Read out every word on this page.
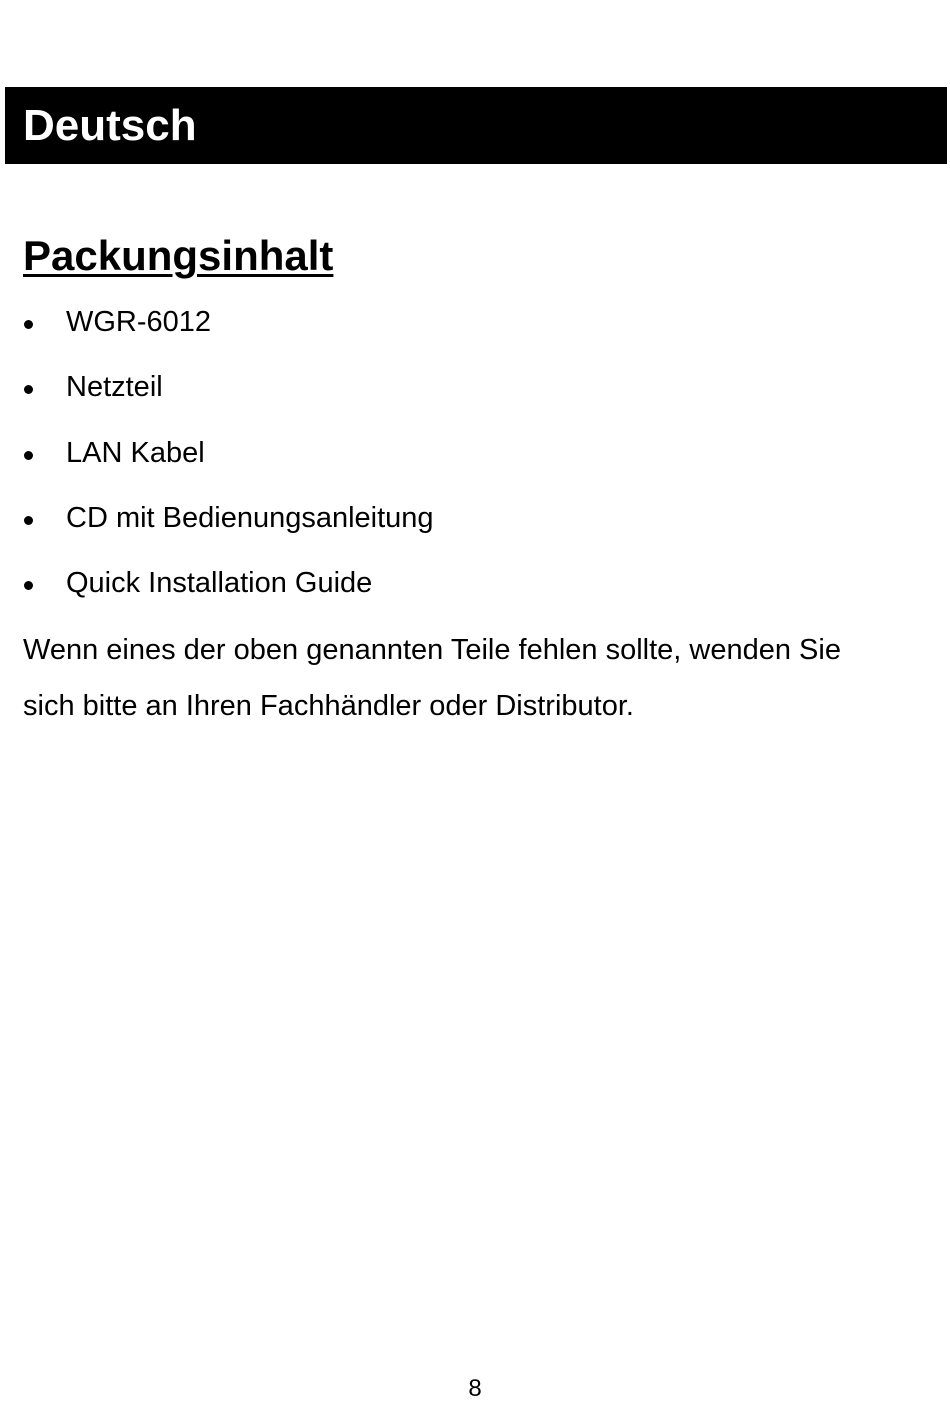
Deutsch
Packungsinhalt
WGR-6012
Netzteil
LAN Kabel
CD mit Bedienungsanleitung
Quick Installation Guide

Wenn eines der oben genannten Teile fehlen sollte, wenden Sie
sich bitte an Ihren Fachhändler oder Distributor.

8
